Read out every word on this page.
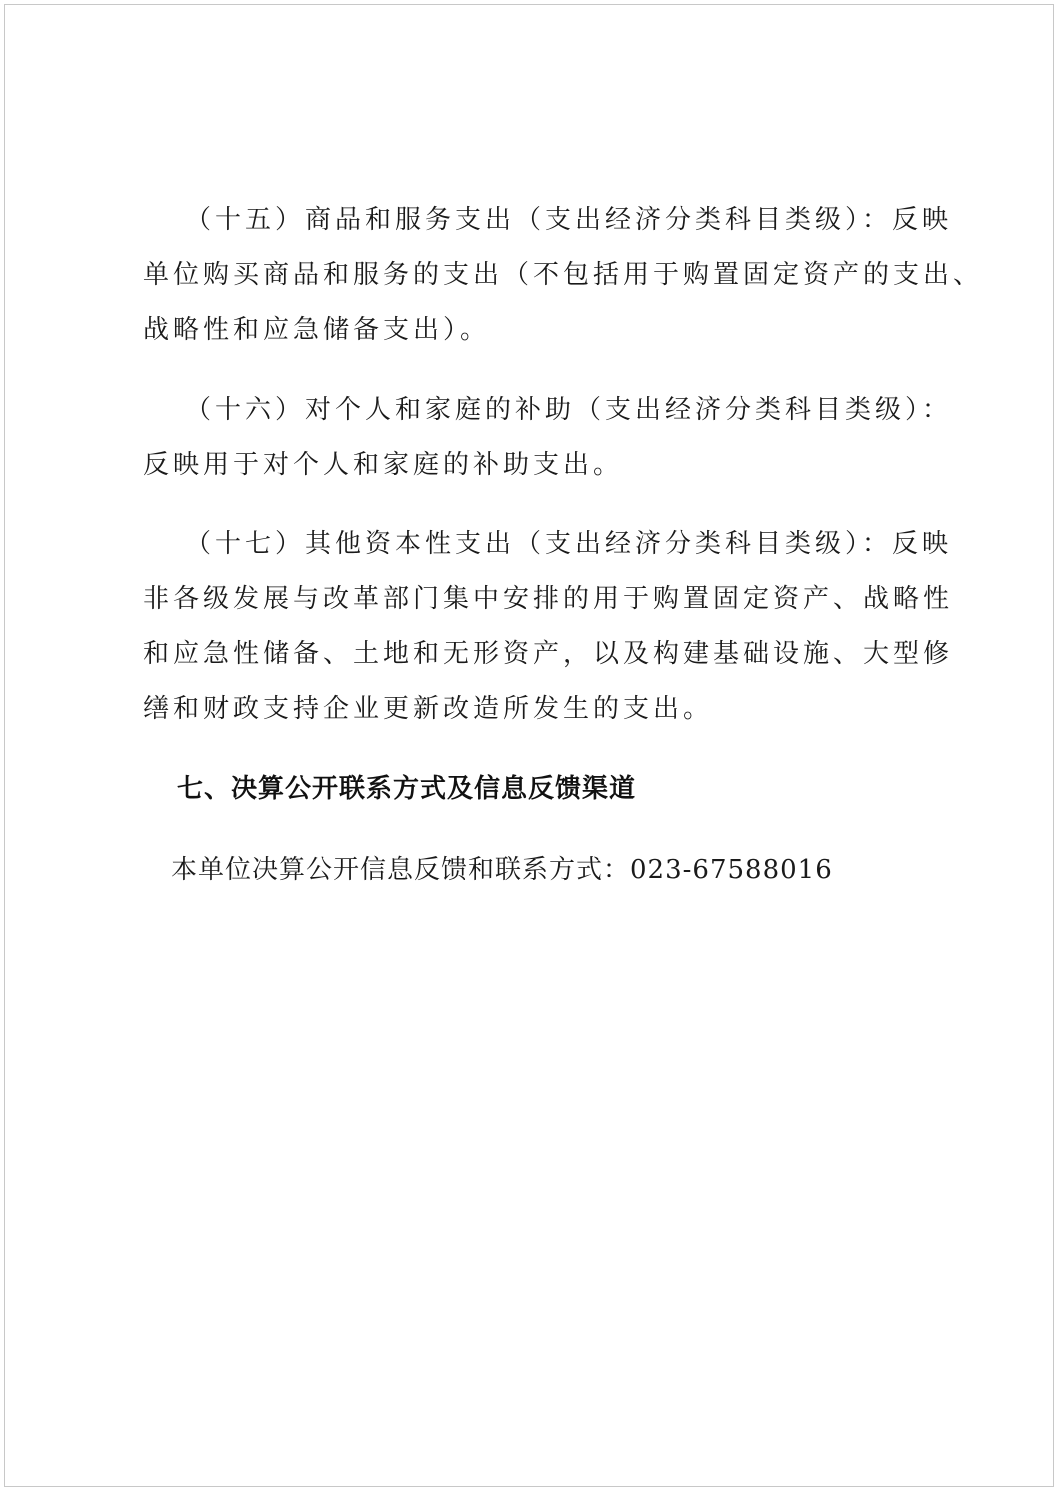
（十五）商品和服务支出（支出经济分类科目类级）：反映
单位购买商品和服务的支出（不包括用于购置固定资产的支出、
战略性和应急储备支出）。
（十六）对个人和家庭的补助（支出经济分类科目类级）：
反映用于对个人和家庭的补助支出。
（十七）其他资本性支出（支出经济分类科目类级）：反映
非各级发展与改革部门集中安排的用于购置固定资产、战略性
和应急性储备、土地和无形资产，以及构建基础设施、大型修
缮和财政支持企业更新改造所发生的支出。
七、决算公开联系方式及信息反馈渠道
本单位决算公开信息反馈和联系方式：023-67588016
